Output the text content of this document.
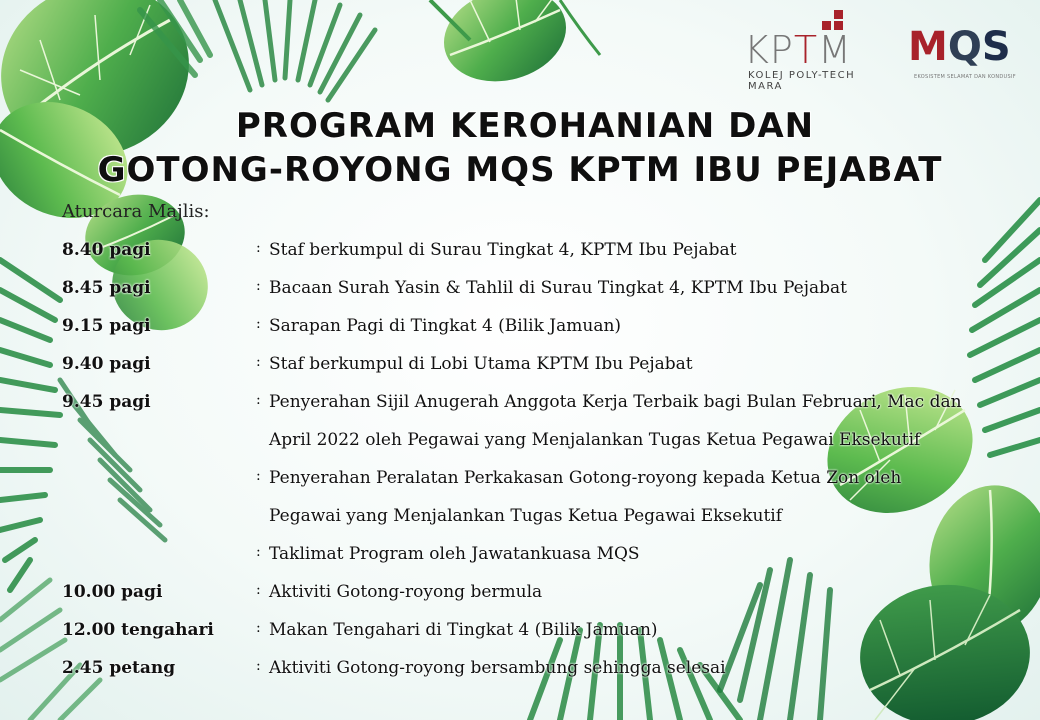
KPTM
KOLEJ POLY-TECH MARA
MQS
EKOSISTEM SELAMAT DAN KONDUSIF
PROGRAM KEROHANIAN DAN
GOTONG-ROYONG MQS KPTM IBU PEJABAT
Aturcara Majlis:
8.40 pagi	: Staf berkumpul di Surau Tingkat 4, KPTM Ibu Pejabat
8.45 pagi	: Bacaan Surah Yasin & Tahlil di Surau Tingkat 4, KPTM Ibu Pejabat
9.15 pagi	: Sarapan Pagi di Tingkat 4 (Bilik Jamuan)
9.40 pagi	: Staf berkumpul di Lobi Utama KPTM Ibu Pejabat
9.45 pagi	: Penyerahan Sijil Anugerah Anggota Kerja Terbaik bagi Bulan Februari, Mac dan
April 2022 oleh Pegawai yang Menjalankan Tugas Ketua Pegawai Eksekutif
: Penyerahan Peralatan Perkakasan Gotong-royong kepada Ketua Zon oleh
Pegawai yang Menjalankan Tugas Ketua Pegawai Eksekutif
: Taklimat Program oleh Jawatankuasa MQS
10.00 pagi	: Aktiviti Gotong-royong bermula
12.00 tengahari	: Makan Tengahari di Tingkat 4 (Bilik Jamuan)
2.45 petang	: Aktiviti Gotong-royong bersambung sehingga selesai
